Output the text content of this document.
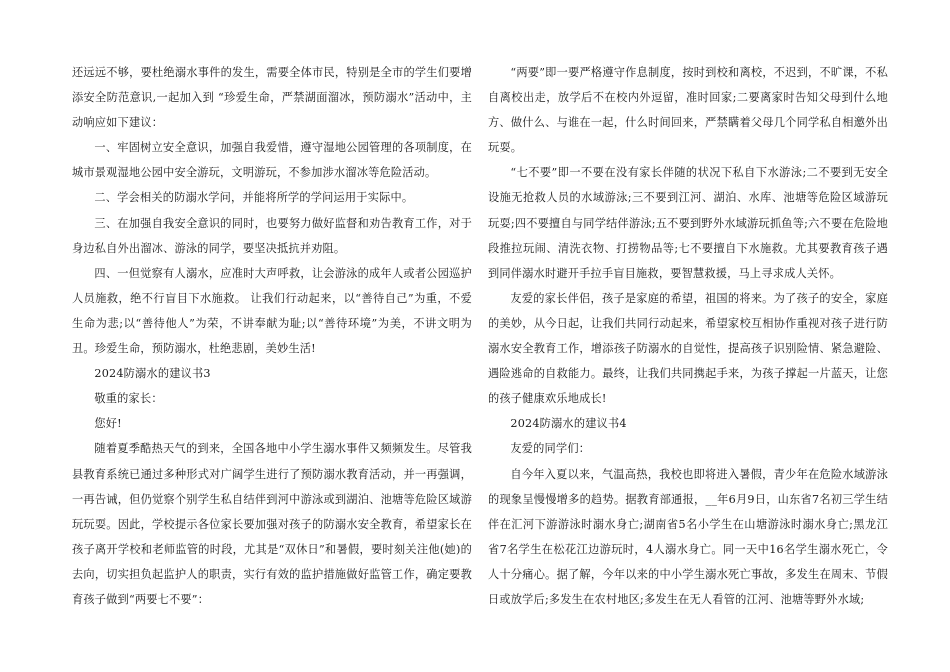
还远远不够，要杜绝溺水事件的发生，需要全体市民，特别是全市的学生们要增添安全防范意识,一起加入到 “珍爱生命，严禁湖面溜冰，预防溺水”活动中，主动响应如下建议：

一、牢固树立安全意识，加强自我爱惜，遵守湿地公园管理的各项制度，在城市景观湿地公园中安全游玩，文明游玩，不参加涉水溜冰等危险活动。

二、学会相关的防溺水学问，并能将所学的学问运用于实际中。

三、在加强自我安全意识的同时，也要努力做好监督和劝告教育工作，对于身边私自外出溜冰、游泳的同学，要坚决抵抗并劝阻。

四、一但觉察有人溺水，应准时大声呼救，让会游泳的成年人或者公园巡护人员施救，绝不行盲目下水施救。 让我们行动起来，以“善待自己”为重，不爱生命为悲;以“善待他人”为荣，不讲奉献为耻;以“善待环境”为美，不讲文明为丑。珍爱生命，预防溺水，杜绝悲剧，美妙生活!

2024防溺水的建议书3

敬重的家长：

您好!

随着夏季酷热天气的到来，全国各地中小学生溺水事件又频频发生。尽管我县教育系统已通过多种形式对广阔学生进行了预防溺水教育活动，并一再强调，一再告诫，但仍觉察个别学生私自结伴到河中游泳或到湖泊、池塘等危险区域游玩玩耍。因此，学校提示各位家长要加强对孩子的防溺水安全教育，希望家长在孩子离开学校和老师监管的时段，尤其是“双休日”和暑假，要时刻关注他(她)的去向，切实担负起监护人的职责，实行有效的监护措施做好监管工作，确定要教育孩子做到“两要七不要”：

“两要”即一要严格遵守作息制度，按时到校和离校，不迟到，不旷课，不私自离校出走，放学后不在校内外逗留，准时回家;二要离家时告知父母到什么地方、做什么、与谁在一起，什么时间回来，严禁瞒着父母几个同学私自相邀外出玩耍。

“七不要”即一不要在没有家长伴随的状况下私自下水游泳;二不要到无安全设施无抢救人员的水域游泳;三不要到江河、湖泊、水库、池塘等危险区域游玩玩耍;四不要擅自与同学结伴游泳;五不要到野外水域游玩抓鱼等;六不要在危险地段推拉玩闹、清洗衣物、打捞物品等;七不要擅自下水施救。尤其要教育孩子遇到同伴溺水时避开手拉手盲目施救，要智慧救援，马上寻求成人关怀。

友爱的家长伴侣，孩子是家庭的希望，祖国的将来。为了孩子的安全，家庭的美妙，从今日起，让我们共同行动起来，希望家校互相协作重视对孩子进行防溺水安全教育工作，增添孩子防溺水的自觉性，提高孩子识别险情、紧急避险、遇险逃命的自救能力。最终，让我们共同携起手来，为孩子撑起一片蓝天，让您的孩子健康欢乐地成长!

2024防溺水的建议书4

友爱的同学们：

自今年入夏以来，气温高热，我校也即将进入暑假，青少年在危险水域游泳的现象呈慢慢增多的趋势。据教育部通报，__年6月9日，山东省7名初三学生结伴在汇河下游游泳时溺水身亡;湖南省5名小学生在山塘游泳时溺水身亡;黑龙江省7名学生在松花江边游玩时，4人溺水身亡。同一天中16名学生溺水死亡，令人十分痛心。据了解，今年以来的中小学生溺水死亡事故，多发生在周末、节假日或放学后;多发生在农村地区;多发生在无人看管的江河、池塘等野外水域;
